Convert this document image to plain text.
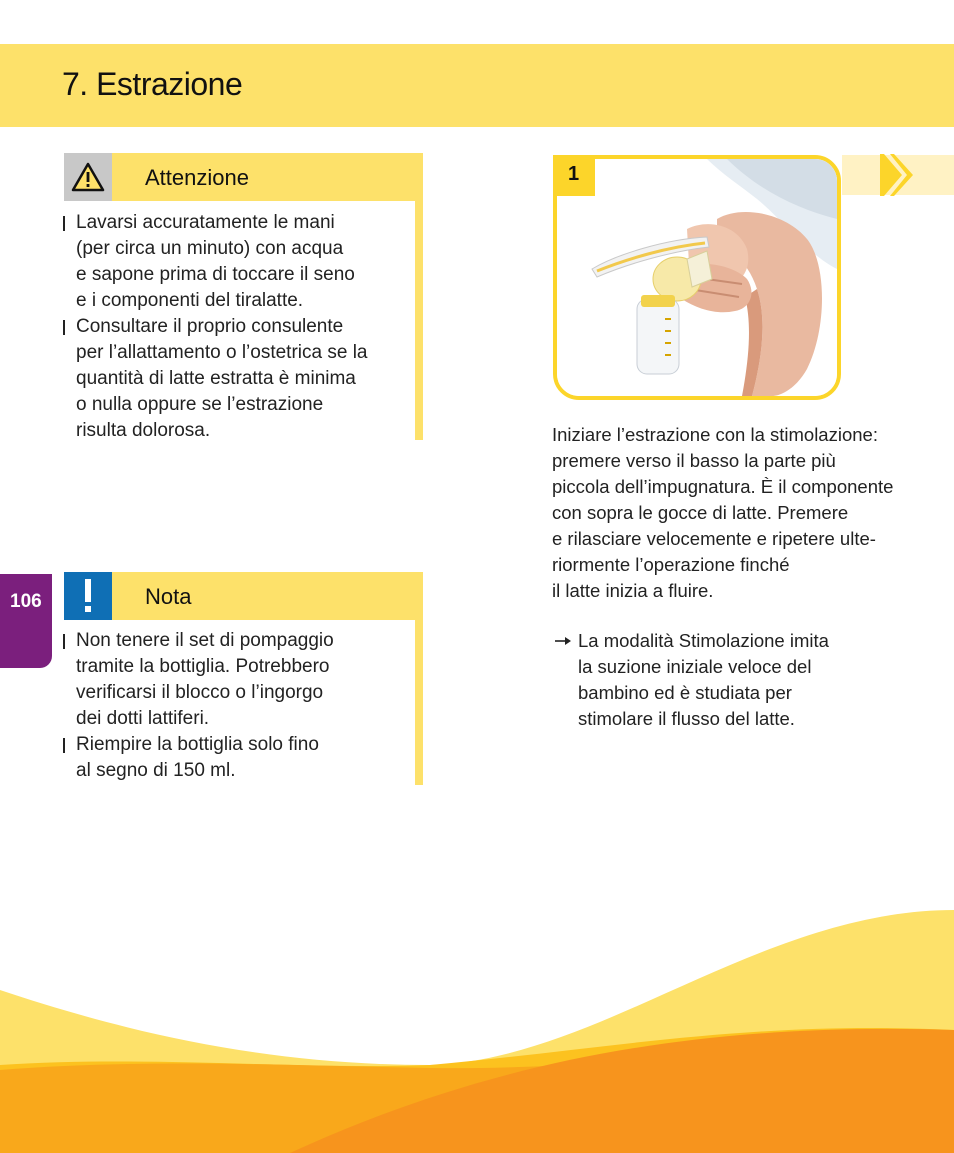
7. Estrazione
Attenzione
Lavarsi accuratamente le mani
(per circa un minuto) con acqua
e sapone prima di toccare il seno
e i componenti del tiralatte.
Consultare il proprio consulente
per l’allattamento o l’ostetrica se la
quantità di latte estratta è minima
o nulla oppure se l’estrazione
risulta dolorosa.
Nota
Non tenere il set di pompaggio
tramite la bottiglia. Potrebbero
verificarsi il blocco o l’ingorgo
dei dotti lattiferi.
Riempire la bottiglia solo fino
al segno di 150 ml.
106
1

Iniziare l’estrazione con la stimolazione:
premere verso il basso la parte più
piccola dell’impugnatura. È il componente
con sopra le gocce di latte. Premere
e rilasciare velocemente e ripetere ulte-
riormente l’operazione finché
il latte inizia a fluire.

La modalità Stimolazione imita
la suzione iniziale veloce del
bambino ed è studiata per
stimolare il flusso del latte.
